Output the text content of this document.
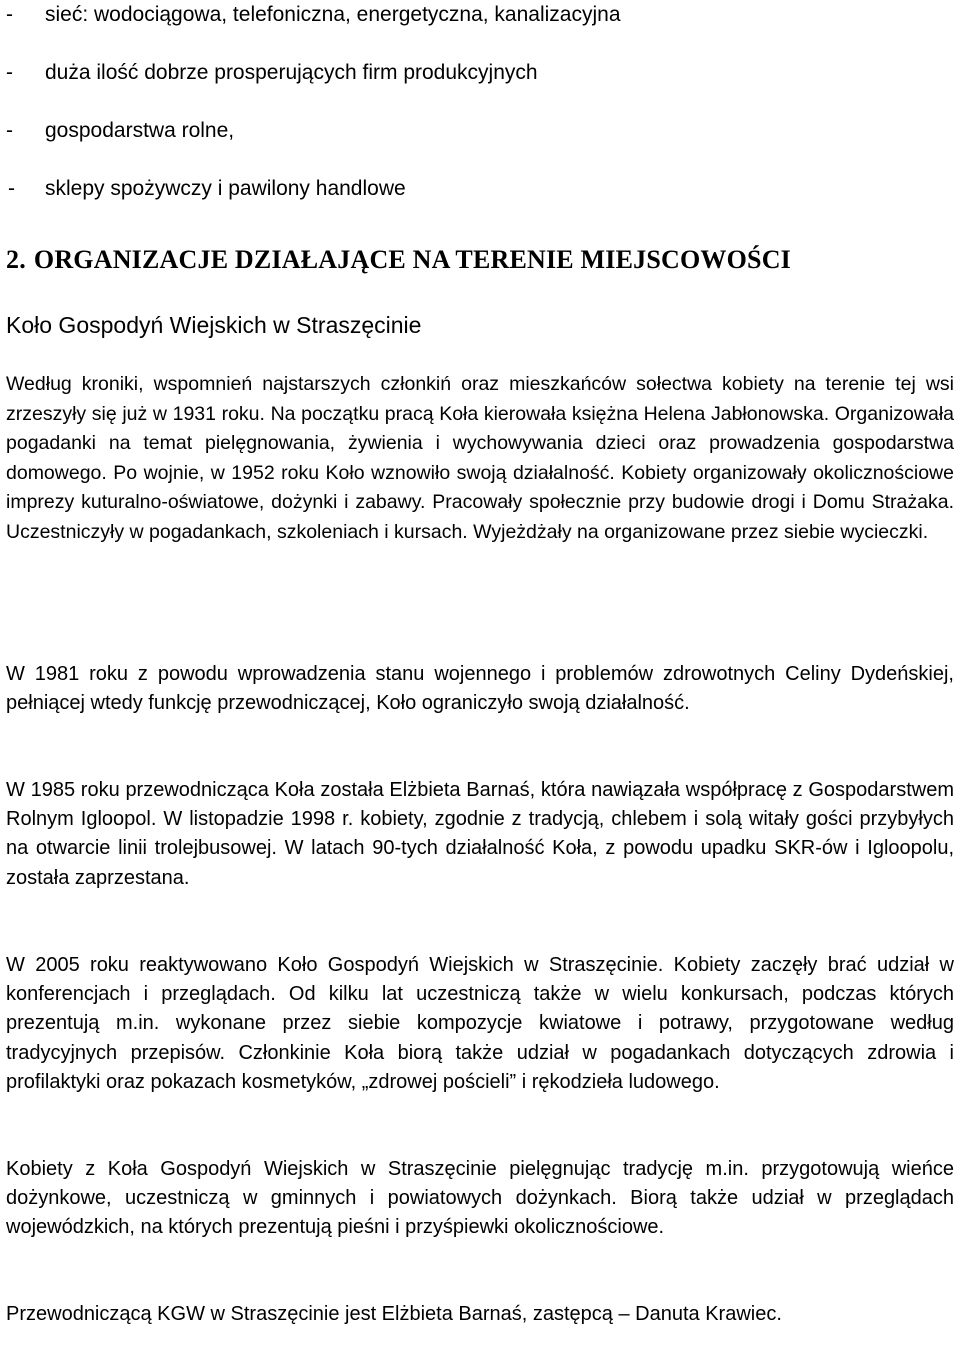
- sieć: wodociągowa, telefoniczna, energetyczna, kanalizacyjna
- duża ilość dobrze prosperujących firm produkcyjnych
- gospodarstwa rolne,
- sklepy spożywczy i pawilony handlowe
2. ORGANIZACJE DZIAŁAJĄCE NA TERENIE MIEJSCOWOŚCI
Koło Gospodyń Wiejskich w Straszęcinie

Według kroniki, wspomnień najstarszych członkiń oraz mieszkańców sołectwa kobiety na terenie tej wsi zrzeszyły się już w 1931 roku. Na początku pracą Koła kierowała księżna Helena Jabłonowska. Organizowała pogadanki na temat pielęgnowania, żywienia i wychowywania dzieci oraz prowadzenia gospodarstwa domowego. Po wojnie, w 1952 roku Koło wznowiło swoją działalność. Kobiety organizowały okolicznościowe imprezy kuturalno-oświatowe, dożynki i zabawy. Pracowały społecznie przy budowie drogi i Domu Strażaka. Uczestniczyły w pogadankach, szkoleniach i kursach. Wyjeżdżały na organizowane przez siebie wycieczki.

W 1981 roku z powodu wprowadzenia stanu wojennego i problemów zdrowotnych Celiny Dydeńskiej, pełniącej wtedy funkcję przewodniczącej, Koło ograniczyło swoją działalność.

W 1985 roku przewodnicząca Koła została Elżbieta Barnaś, która nawiązała współpracę z Gospodarstwem Rolnym Igloopol. W listopadzie 1998 r. kobiety, zgodnie z tradycją, chlebem i solą witały gości przybyłych na otwarcie linii trolejbusowej. W latach 90-tych działalność Koła, z powodu upadku SKR-ów i Igloopolu, została zaprzestana.

W 2005 roku reaktywowano Koło Gospodyń Wiejskich w Straszęcinie. Kobiety zaczęły brać udział w konferencjach i przeglądach. Od kilku lat uczestniczą także w wielu konkursach, podczas których prezentują m.in. wykonane przez siebie kompozycje kwiatowe i potrawy, przygotowane według tradycyjnych przepisów. Członkinie Koła biorą także udział w pogadankach dotyczących zdrowia i profilaktyki oraz pokazach kosmetyków, „zdrowej pościeli” i rękodzieła ludowego.

Kobiety z Koła Gospodyń Wiejskich w Straszęcinie pielęgnując tradycję m.in. przygotowują wieńce dożynkowe, uczestniczą w gminnych i powiatowych dożynkach. Biorą także udział w przeglądach wojewódzkich, na których prezentują pieśni i przyśpiewki okolicznościowe.

Przewodniczącą KGW w Straszęcinie jest Elżbieta Barnaś, zastępcą – Danuta Krawiec.
